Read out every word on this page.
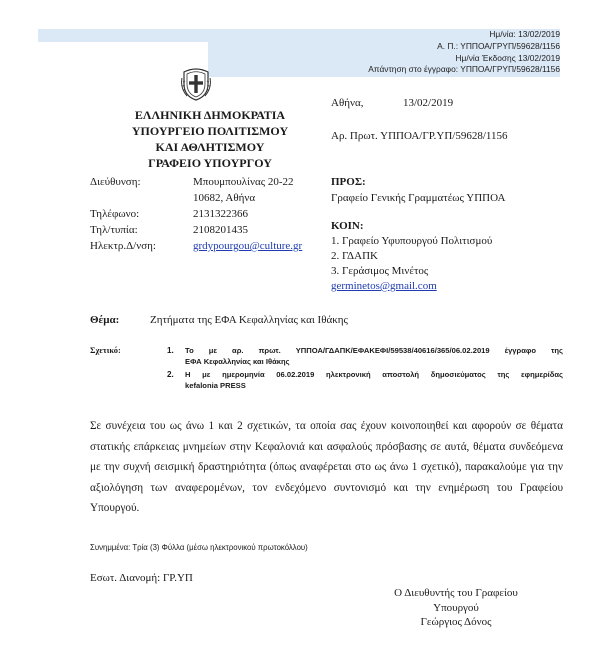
Ημ/νία: 13/02/2019
Α. Π.: ΥΠΠΟΑ/ΓΡΥΠ/59628/1156
Ημ/νία Έκδοσης 13/02/2019
Απάντηση στο έγγραφο: ΥΠΠΟΑ/ΓΡΥΠ/59628/1156
ΕΛΛΗΝΙΚΗ ΔΗΜΟΚΡΑΤΙΑ
ΥΠΟΥΡΓΕΙΟ ΠΟΛΙΤΙΣΜΟΥ
ΚΑΙ ΑΘΛΗΤΙΣΜΟΥ
ΓΡΑΦΕΙΟ ΥΠΟΥΡΓΟΥ
Αθήνα,	13/02/2019
Αρ. Πρωτ. ΥΠΠΟΑ/ΓΡ.ΥΠ/59628/1156
Διεύθυνση:	Μπουμπουλίνας 20-22
10682, Αθήνα
Τηλέφωνο:	2131322366
Τηλ/τυπία:	2108201435
Ηλεκτρ.Δ/νση:	grdypourgou@culture.gr
ΠΡΟΣ:
Γραφείο Γενικής Γραμματέως ΥΠΠΟΑ
ΚΟΙΝ:
1. Γραφείο Υφυπουργού Πολιτισμού
2. ΓΔΑΠΚ
3. Γεράσιμος Μινέτος
germinetos@gmail.com
Θέμα:	Ζητήματα της ΕΦΑ Κεφαλληνίας και Ιθάκης
Σχετικό:	1. Το με αρ. πρωτ. ΥΠΠΟΑ/ΓΔΑΠΚ/ΕΦΑΚΕΦΙ/59538/40616/365/06.02.2019 έγγραφο της
ΕΦΑ Κεφαλληνίας και Ιθάκης
2. Η με ημερομηνία 06.02.2019 ηλεκτρονική αποστολή δημοσιεύματος της εφημερίδας
kefalonia PRESS
Σε συνέχεια του ως άνω 1 και 2 σχετικών, τα οποία σας έχουν κοινοποιηθεί και αφορούν σε θέματα στατικής επάρκειας μνημείων στην Κεφαλονιά και ασφαλούς πρόσβασης σε αυτά, θέματα συνδεόμενα με την συχνή σεισμική δραστηριότητα (όπως αναφέρεται στο ως άνω 1 σχετικό), παρακαλούμε για την αξιολόγηση των αναφερομένων, τον ενδεχόμενο συντονισμό και την ενημέρωση του Γραφείου Υπουργού.
Συνημμένα: Τρία (3) Φύλλα (μέσω ηλεκτρονικού πρωτοκόλλου)
Εσωτ. Διανομή: ΓΡ.ΥΠ
Ο Διευθυντής του Γραφείου
Υπουργού
Γεώργιος Δόνος
